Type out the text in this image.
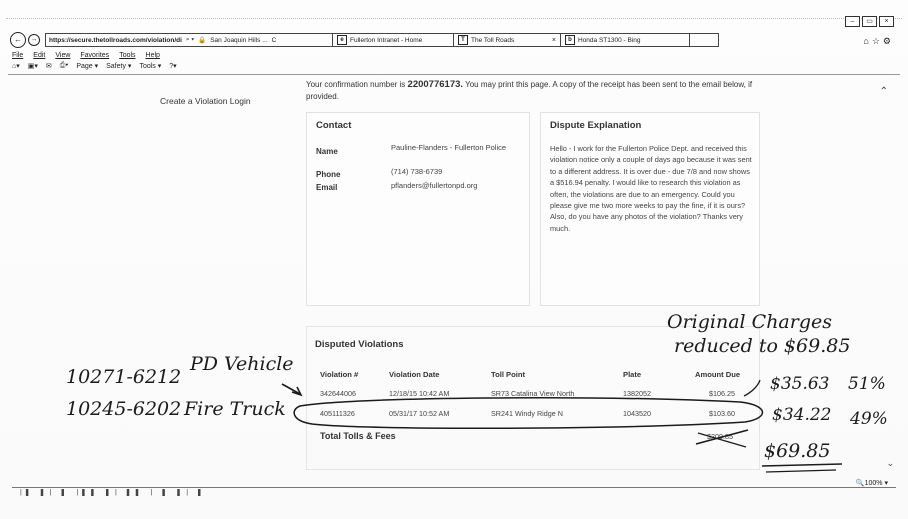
–	▭	×
←	→	https://secure.thetollroads.com/violation/di ⌕ ▾ 🔒 San Joaquin Hills ... C	e Fullerton Intranet - Home	T The Toll Roads	×	b Honda ST1300 - Bing	⌂☆⚙
File Edit View Favorites Tools Help
⌂▾ ▣▾ ✉ ⎙▾ Page ▾ Safety ▾ Tools ▾ ?▾
Create a Violation Login
Your confirmation number is 2200776173. You may print this page. A copy of the receipt has been sent to the email below, if provided.	⌃
Contact
Name	Pauline-Flanders - Fullerton Police
Phone	(714) 738-6739
Email	pflanders@fullertonpd.org
Dispute Explanation
Hello - I work for the Fullerton Police Dept. and received this violation notice only a couple of days ago because it was sent to a different address. It is over due - due 7/8 and now shows a $516.94 penalty. I would like to research this violation as often, the violations are due to an emergency. Could you please give me two more weeks to pay the fine, if it is ours? Also, do you have any photos of the violation? Thanks very much.
Disputed Violations
Violation #	Violation Date	Toll Point	Plate	Amount Due
342644006	12/18/15 10:42 AM	SR73 Catalina View North	1382052	$106.25
405111326	05/31/17 10:52 AM	SR241 Windy Ridge N	1043520	$103.60
Total Tolls & Fees	$209.85
⌄
🔍100% ▾
|▌ ▌| ▌ |▌▌ ▌| ▌▌ | ▌ ▌| ▌
Original Charges
reduced to $69.85
10271-6212
PD Vehicle
10245-6202 Fire Truck
$35.63 51%
$34.22 49%
$69.85
